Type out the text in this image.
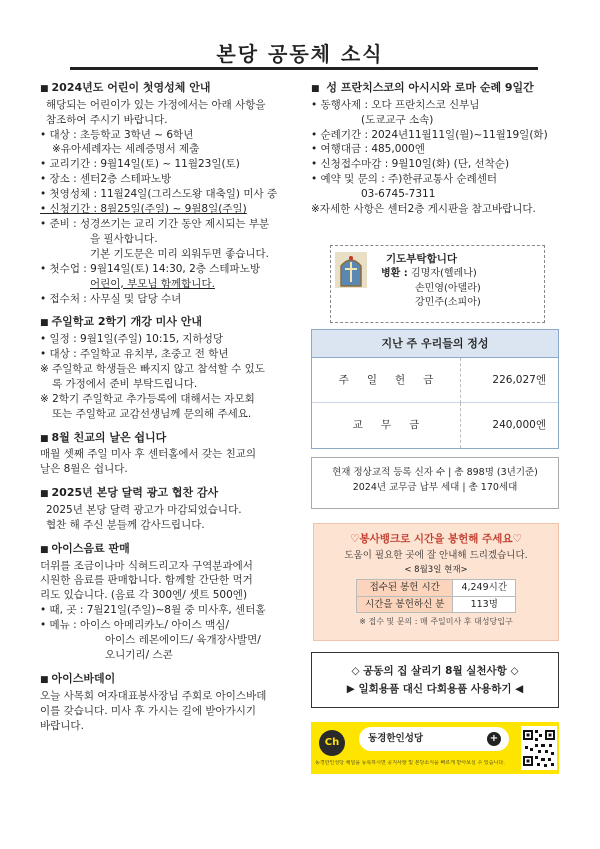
본당 공동체 소식
■ 2024년도 어린이 첫영성체 안내
해당되는 어린이가 있는 가정에서는 아래 사항을
참조하여 주시기 바랍니다.
• 대상 : 초등학교 3학년 ~ 6학년
※유아세례자는 세례증명서 제출
• 교리기간 : 9월14일(토) ~ 11월23일(토)
• 장소 : 센터2층 스테파노방
• 첫영성체 : 11월24일(그리스도왕 대축일) 미사 중
• 신청기간 : 8월25일(주일) ~ 9월8일(주일)
• 준비 : 성경쓰기는 교리 기간 동안 제시되는 부분
을 필사합니다.
기본 기도문은 미리 외워두면 좋습니다.
• 첫수업 : 9월14일(토) 14:30, 2층 스테파노방
어린이, 부모님 함께합니다.
• 접수처 : 사무실 및 담당 수녀
■ 주일학교 2학기 개강 미사 안내
• 일정 : 9월1일(주일) 10:15, 지하성당
• 대상 : 주일학교 유치부, 초중고 전 학년
※ 주일학교 학생들은 빠지지 않고 참석할 수 있도
록 가정에서 준비 부탁드립니다.
※ 2학기 주일학교 추가등록에 대해서는 자모회
또는 주일학교 교감선생님께 문의해 주세요.
■ 8월 친교의 날은 쉽니다
매월 셋째 주일 미사 후 센터홀에서 갖는 친교의
날은 8월은 쉽니다.
■ 2025년 본당 달력 광고 협찬 감사
2025년 본당 달력 광고가 마감되었습니다.
협찬 해 주신 분들께 감사드립니다.
■ 아이스음료 판매
더위를 조금이나마 식혀드리고자 구역분과에서
시원한 음료를 판매합니다. 함께할 간단한 먹거
리도 있습니다. (음료 각 300엔/ 셋트 500엔)
• 때, 곳 : 7월21일(주일)~8월 중 미사후, 센터홀
• 메뉴 : 아이스 아메리카노/ 아이스 맥심/
아이스 레몬에이드/ 육개장사발면/
오니기리/ 스콘
■ 아이스바데이
오늘 사목회 여자대표봉사장님 주회로 아이스바데
이를 갖습니다. 미사 후 가시는 길에 받아가시기
바랍니다.
■ 성 프란치스코의 아시시와 로마 순례 9일간
• 동행사제 : 오다 프란치스코 신부님
(도쿄교구 소속)
• 순례기간 : 2024년11월11일(월)~11월19일(화)
• 여행대금 : 485,000엔
• 신청접수마감 : 9월10일(화) (단, 선착순)
• 예약 및 문의 : 주)한큐교통사 순례센터
03-6745-7311
※자세한 사항은 센터2층 게시판을 참고바랍니다.
기도부탁합니다
병환 : 김명자(헬레나)
손민영(아델라)
강민주(소피아)
지난 주 우리들의 정성
주일헌금	226,027엔
교무금	240,000엔
현재 정상교적 등록 신자 수 | 총 898명 (3년기준)
2024년 교무금 납부 세대 | 총 170세대
♡봉사뱅크로 시간을 봉헌해 주세요♡
도움이 필요한 곳에 잘 안내해 드리겠습니다.
< 8월3일 현재>
접수된 봉헌 시간	4,249시간
시간을 봉헌하신 분	113명
※ 접수 및 문의 : 매 주일미사 후 대성당입구
◇ 공동의 집 살리기 8월 실천사항 ◇
▶ 일회용품 대신 다회용품 사용하기 ◀
Ch	동경한인성당	+
동경한인성당 채널을 등록하시면 공지사항 및 본당소식을 빠르게 받아보실 수 있습니다.
